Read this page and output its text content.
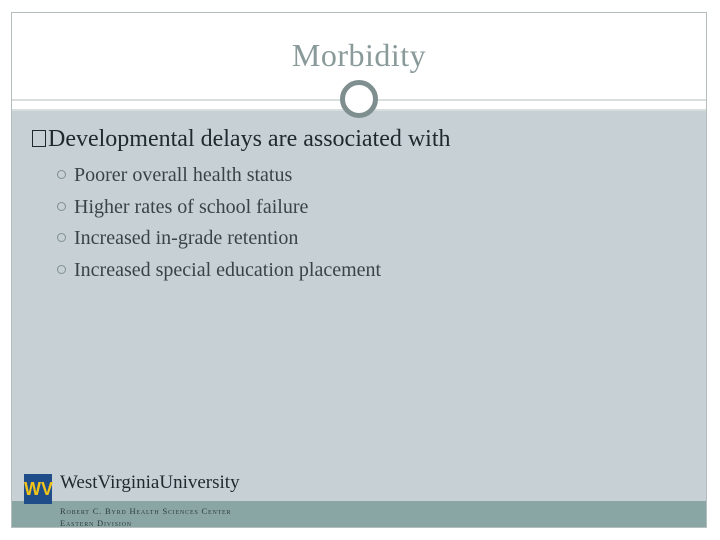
Morbidity
Developmental delays are associated with
Poorer overall health status
Higher rates of school failure
Increased in-grade retention
Increased special education placement
WV WestVirginiaUniversity
Robert C. Byrd Health Sciences Center
Eastern Division
